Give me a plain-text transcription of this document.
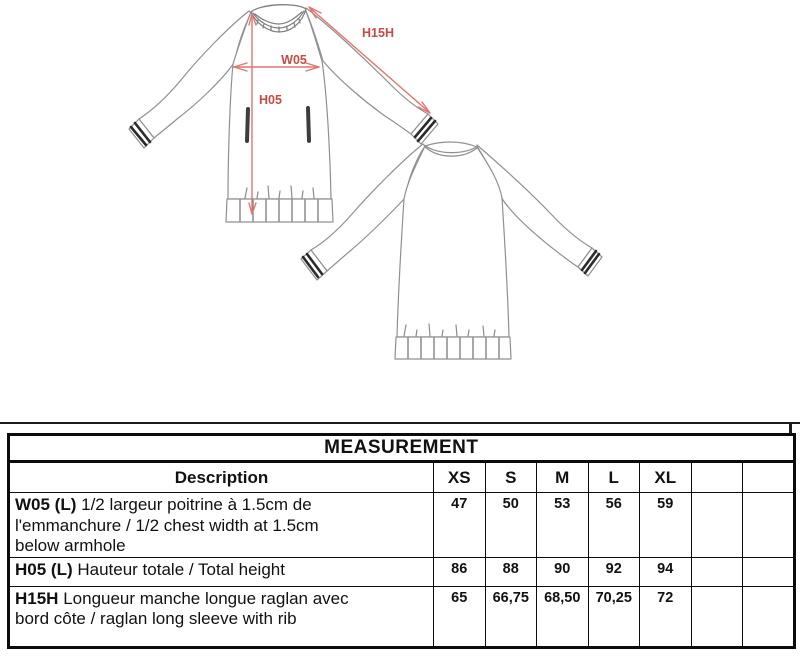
H15H
W05
H05
MEASUREMENT							
Description	XS	S	M	L	XL		

W05 (L) 1/2 largeur poitrine à 1.5cm de
l'emmanchure / 1/2 chest width at 1.5cm
below armhole	47	50	53	56	59		

H05 (L) Hauteur totale / Total height	86	88	90	92	94		

H15H Longueur manche longue raglan avec
bord côte / raglan long sleeve with rib	65	66,75	68,50	70,25	72		
